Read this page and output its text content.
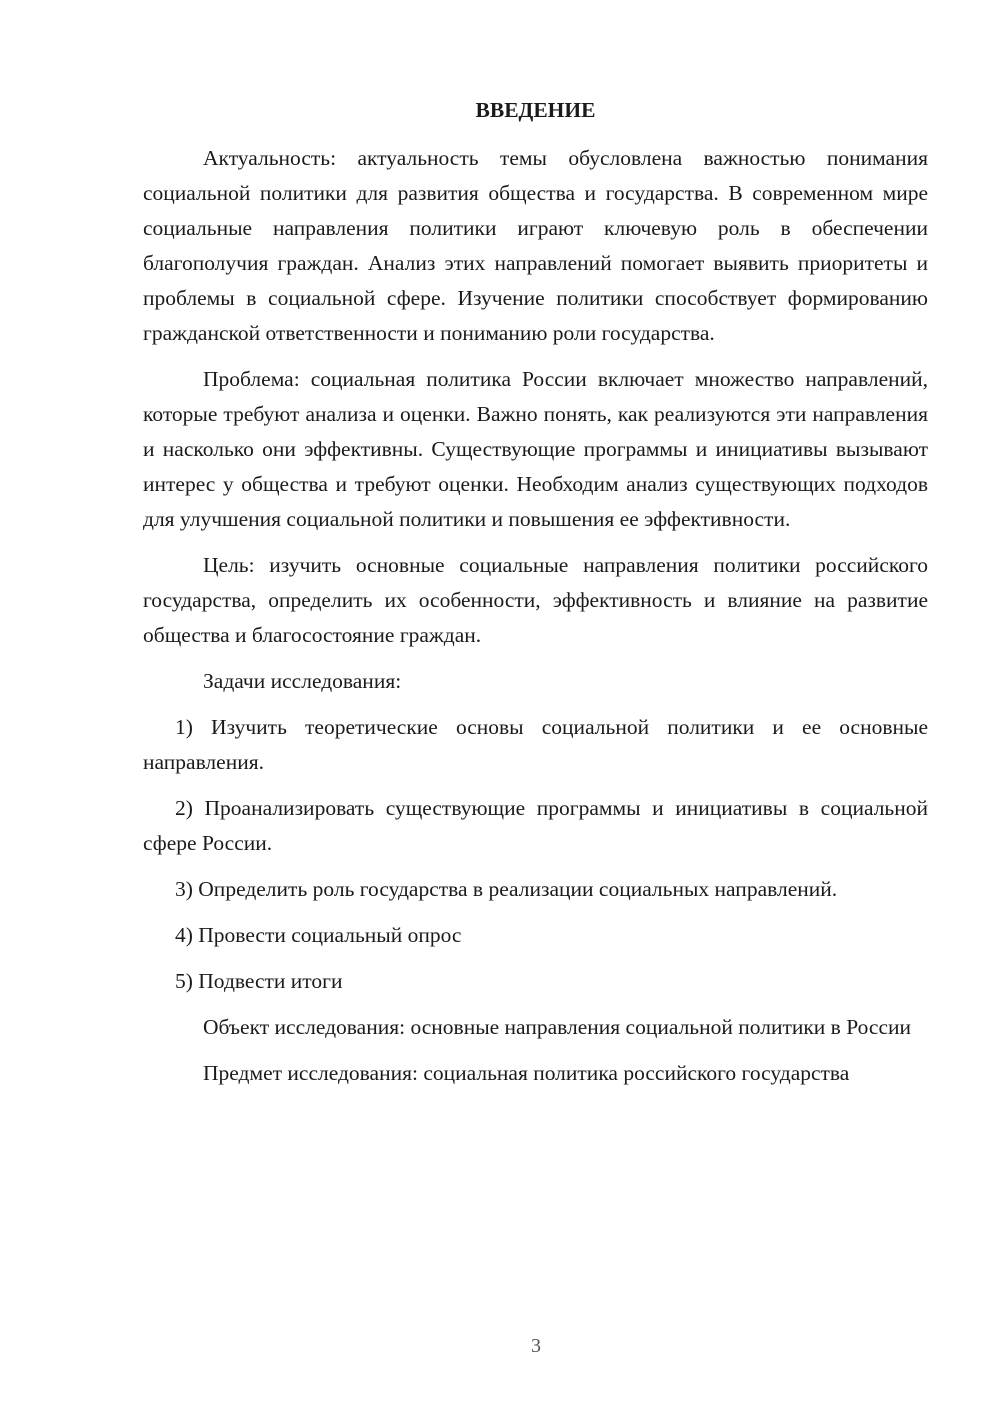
ВВЕДЕНИЕ

Актуальность: актуальность темы обусловлена важностью понимания социальной политики для развития общества и государства. В современном мире социальные направления политики играют ключевую роль в обеспечении благополучия граждан. Анализ этих направлений помогает выявить приоритеты и проблемы в социальной сфере. Изучение политики способствует формированию гражданской ответственности и пониманию роли государства.

Проблема: социальная политика России включает множество направлений, которые требуют анализа и оценки. Важно понять, как реализуются эти направления и насколько они эффективны. Существующие программы и инициативы вызывают интерес у общества и требуют оценки. Необходим анализ существующих подходов для улучшения социальной политики и повышения ее эффективности.

Цель: изучить основные социальные направления политики российского государства, определить их особенности, эффективность и влияние на развитие общества и благосостояние граждан.

Задачи исследования:

1) Изучить теоретические основы социальной политики и ее основные направления.

2) Проанализировать существующие программы и инициативы в социальной сфере России.

3) Определить роль государства в реализации социальных направлений.

4) Провести социальный опрос

5) Подвести итоги

Объект исследования: основные направления социальной политики в России

Предмет исследования: социальная политика российского государства

3
